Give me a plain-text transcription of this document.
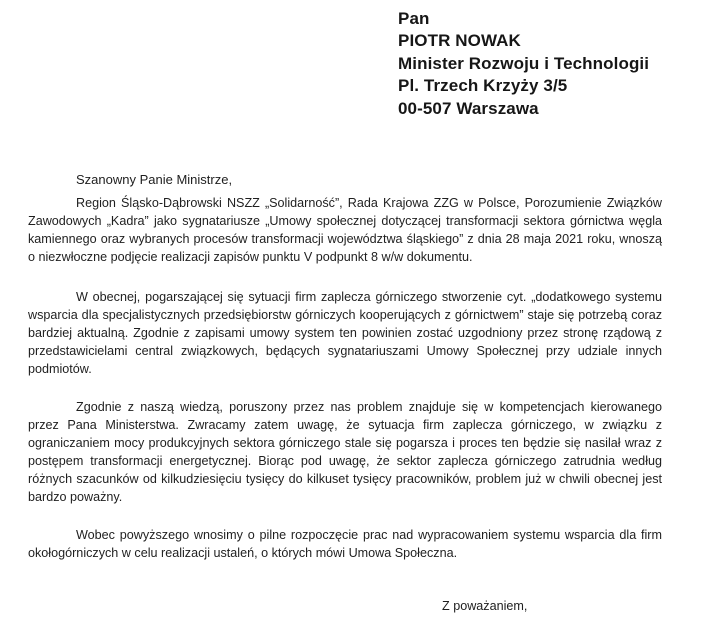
Pan
PIOTR NOWAK
Minister Rozwoju i Technologii
Pl. Trzech Krzyży 3/5
00-507 Warszawa
Szanowny Panie Ministrze,

Region Śląsko-Dąbrowski NSZZ „Solidarność”, Rada Krajowa ZZG w Polsce, Porozumienie Związków Zawodowych „Kadra” jako sygnatariusze „Umowy społecznej dotyczącej transformacji sektora górnictwa węgla kamiennego oraz wybranych procesów transformacji województwa śląskiego” z dnia 28 maja 2021 roku, wnoszą o niezwłoczne podjęcie realizacji zapisów punktu V podpunkt 8 w/w dokumentu.

W obecnej, pogarszającej się sytuacji firm zaplecza górniczego stworzenie cyt. „dodatkowego systemu wsparcia dla specjalistycznych przedsiębiorstw górniczych kooperujących z górnictwem” staje się potrzebą coraz bardziej aktualną. Zgodnie z zapisami umowy system ten powinien zostać uzgodniony przez stronę rządową z przedstawicielami central związkowych, będących sygnatariuszami Umowy Społecznej przy udziale innych podmiotów.

Zgodnie z naszą wiedzą, poruszony przez nas problem znajduje się w kompetencjach kierowanego przez Pana Ministerstwa. Zwracamy zatem uwagę, że sytuacja firm zaplecza górniczego, w związku z ograniczaniem mocy produkcyjnych sektora górniczego stale się pogarsza i proces ten będzie się nasilał wraz z postępem transformacji energetycznej. Biorąc pod uwagę, że sektor zaplecza górniczego zatrudnia według różnych szacunków od kilkudziesięciu tysięcy do kilkuset tysięcy pracowników, problem już w chwili obecnej jest bardzo poważny.

Wobec powyższego wnosimy o pilne rozpoczęcie prac nad wypracowaniem systemu wsparcia dla firm okołogórniczych w celu realizacji ustaleń, o których mówi Umowa Społeczna.

Z poważaniem,
